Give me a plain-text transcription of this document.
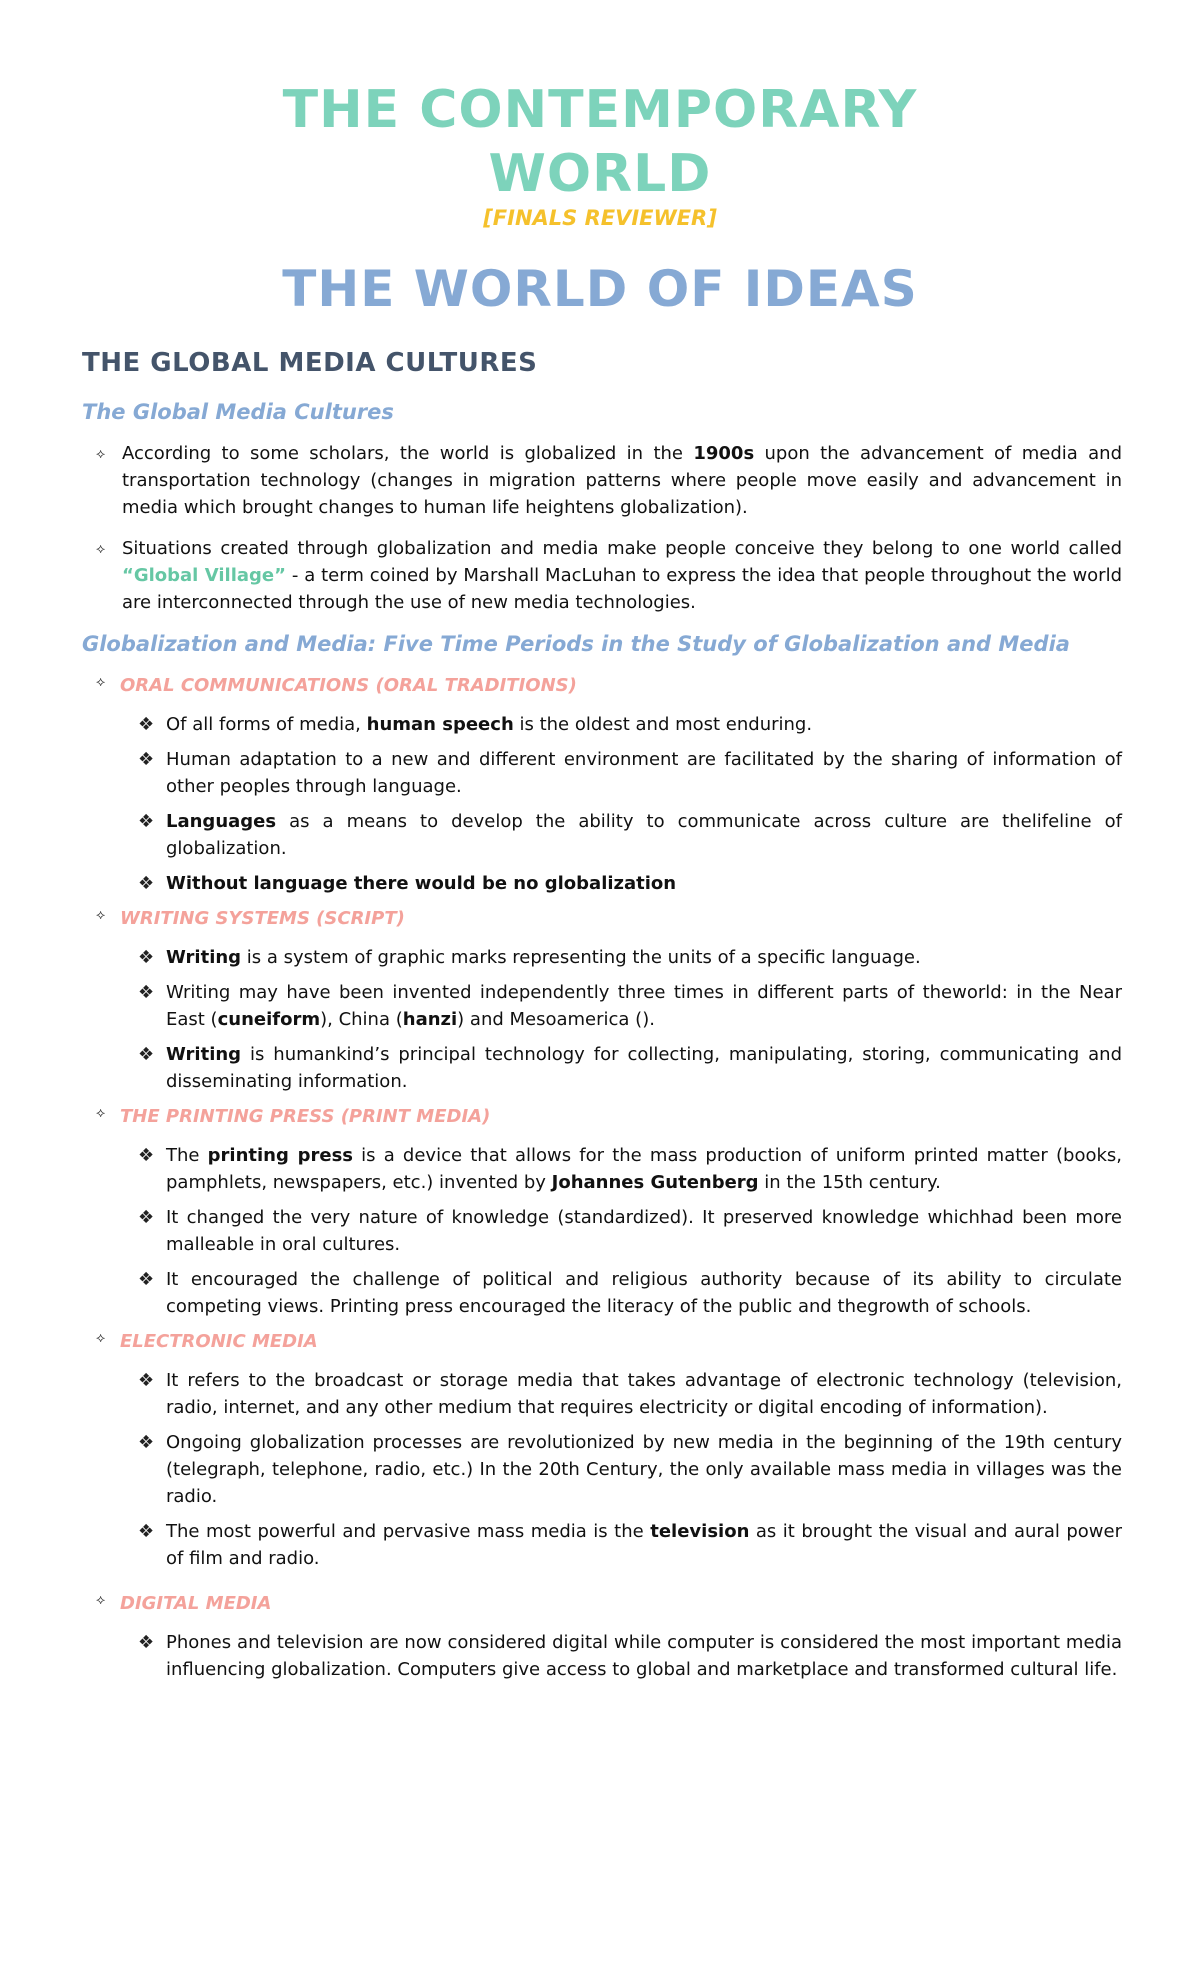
THE CONTEMPORARY
WORLD
[FINALS REVIEWER]
THE WORLD OF IDEAS
THE GLOBAL MEDIA CULTURES
The Global Media Cultures
⟡ According to some scholars, the world is globalized in the 1900s upon the advancement of media and transportation technology (changes in migration patterns where people move easily and advancement in media which brought changes to human life heightens globalization).
⟡ Situations created through globalization and media make people conceive they belong to one world called “Global Village” - a term coined by Marshall MacLuhan to express the idea that people throughout the world are interconnected through the use of new media technologies.
Globalization and Media: Five Time Periods in the Study of Globalization and Media
⟡ ORAL COMMUNICATIONS (ORAL TRADITIONS)
❖ Of all forms of media, human speech is the oldest and most enduring.
❖ Human adaptation to a new and different environment are facilitated by the sharing of information of other peoples through language.
❖ Languages as a means to develop the ability to communicate across culture are thelifeline of globalization.
❖ Without language there would be no globalization
⟡ WRITING SYSTEMS (SCRIPT)
❖ Writing is a system of graphic marks representing the units of a specific language.
❖ Writing may have been invented independently three times in different parts of theworld: in the Near East (cuneiform), China (hanzi) and Mesoamerica ().
❖ Writing is humankind’s principal technology for collecting, manipulating, storing, communicating and disseminating information.
⟡ THE PRINTING PRESS (PRINT MEDIA)
❖ The printing press is a device that allows for the mass production of uniform printed matter (books, pamphlets, newspapers, etc.) invented by Johannes Gutenberg in the 15th century.
❖ It changed the very nature of knowledge (standardized). It preserved knowledge whichhad been more malleable in oral cultures.
❖ It encouraged the challenge of political and religious authority because of its ability to circulate competing views. Printing press encouraged the literacy of the public and thegrowth of schools.
⟡ ELECTRONIC MEDIA
❖ It refers to the broadcast or storage media that takes advantage of electronic technology (television, radio, internet, and any other medium that requires electricity or digital encoding of information).
❖ Ongoing globalization processes are revolutionized by new media in the beginning of the 19th century (telegraph, telephone, radio, etc.) In the 20th Century, the only available mass media in villages was the radio.
❖ The most powerful and pervasive mass media is the television as it brought the visual and aural power of film and radio.
⟡ DIGITAL MEDIA
❖ Phones and television are now considered digital while computer is considered the most important media influencing globalization. Computers give access to global and marketplace and transformed cultural life.
